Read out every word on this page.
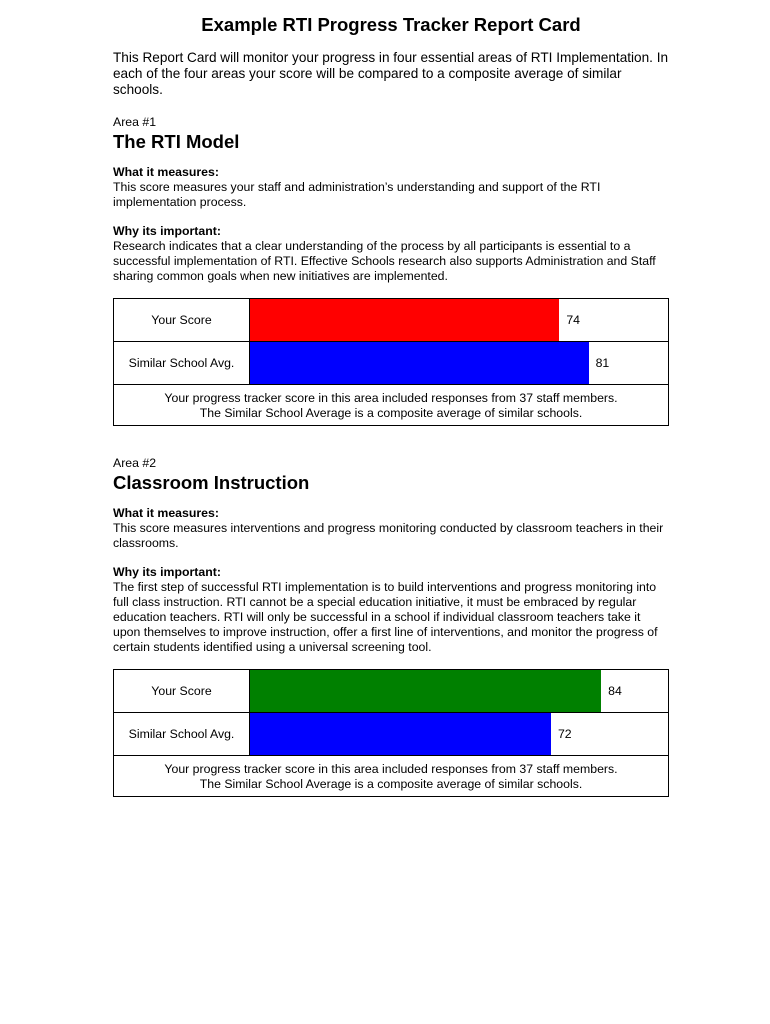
Example RTI Progress Tracker Report Card

This Report Card will monitor your progress in four essential areas of RTI Implementation. In each of the four areas your score will be compared to a composite average of similar schools.

Area #1

The RTI Model

What it measures:

This score measures your staff and administration’s understanding and support of the RTI implementation process.

Why its important:

Research indicates that a clear understanding of the process by all participants is essential to a successful implementation of RTI. Effective Schools research also supports Administration and Staff sharing common goals when new initiatives are implemented.

Your Score	74
Similar School Avg.	81
Your progress tracker score in this area included responses from 37 staff members.
The Similar School Average is a composite average of similar schools.

Area #2

Classroom Instruction

What it measures:

This score measures interventions and progress monitoring conducted by classroom teachers in their classrooms.

Why its important:

The first step of successful RTI implementation is to build interventions and progress monitoring into full class instruction. RTI cannot be a special education initiative, it must be embraced by regular education teachers. RTI will only be successful in a school if individual classroom teachers take it upon themselves to improve instruction, offer a first line of interventions, and monitor the progress of certain students identified using a universal screening tool.

Your Score	84
Similar School Avg.	72
Your progress tracker score in this area included responses from 37 staff members.
The Similar School Average is a composite average of similar schools.
